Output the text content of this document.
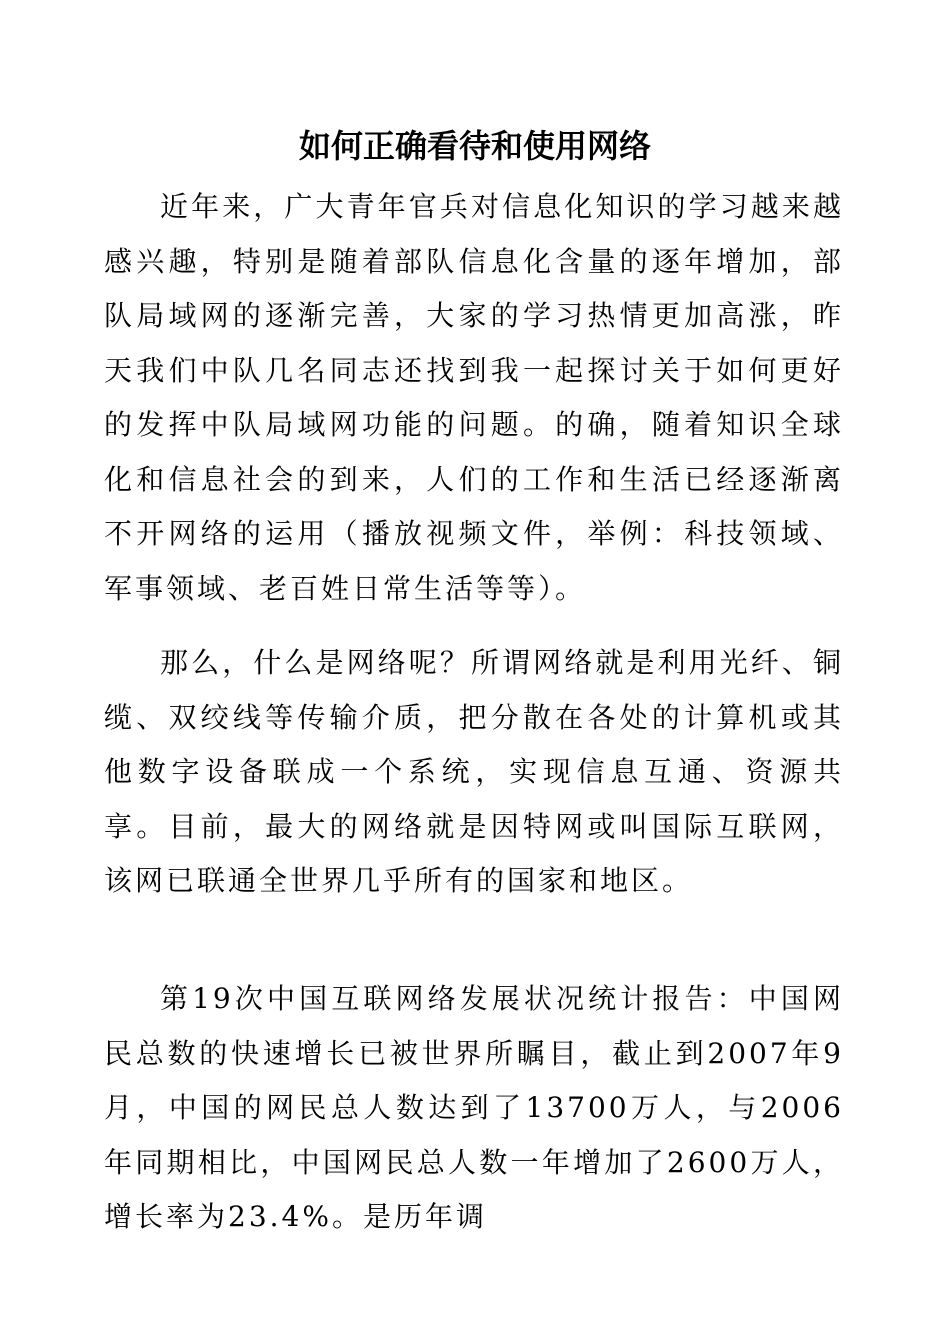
如何正确看待和使用网络

近年来，广大青年官兵对信息化知识的学习越来越感兴趣，特别是随着部队信息化含量的逐年增加，部队局域网的逐渐完善，大家的学习热情更加高涨，昨天我们中队几名同志还找到我一起探讨关于如何更好的发挥中队局域网功能的问题。的确，随着知识全球化和信息社会的到来，人们的工作和生活已经逐渐离不开网络的运用（播放视频文件，举例：科技领域、军事领域、老百姓日常生活等等）。

那么，什么是网络呢？所谓网络就是利用光纤、铜缆、双绞线等传输介质，把分散在各处的计算机或其他数字设备联成一个系统，实现信息互通、资源共享。目前，最大的网络就是因特网或叫国际互联网，该网已联通全世界几乎所有的国家和地区。

第19次中国互联网络发展状况统计报告：中国网民总数的快速增长已被世界所瞩目，截止到2007年9月，中国的网民总人数达到了13700万人，与2006年同期相比，中国网民总人数一年增加了2600万人，增长率为23.4%。是历年调
